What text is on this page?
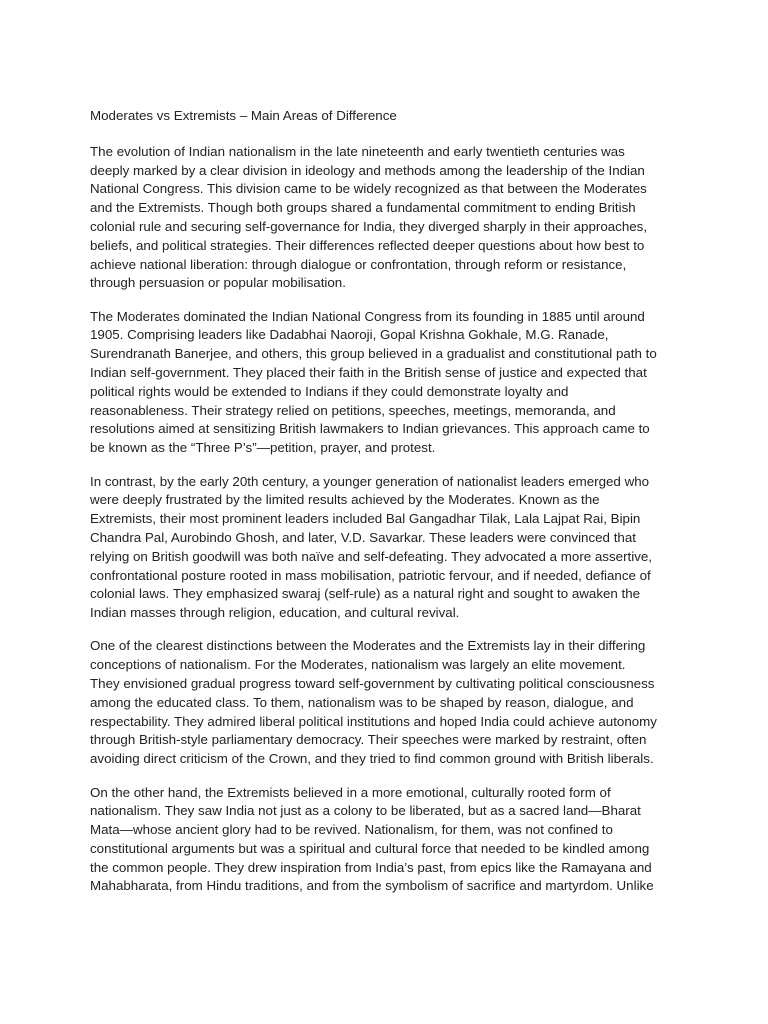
Moderates vs Extremists – Main Areas of Difference

The evolution of Indian nationalism in the late nineteenth and early twentieth centuries was
deeply marked by a clear division in ideology and methods among the leadership of the Indian
National Congress. This division came to be widely recognized as that between the Moderates
and the Extremists. Though both groups shared a fundamental commitment to ending British
colonial rule and securing self-governance for India, they diverged sharply in their approaches,
beliefs, and political strategies. Their differences reflected deeper questions about how best to
achieve national liberation: through dialogue or confrontation, through reform or resistance,
through persuasion or popular mobilisation.

The Moderates dominated the Indian National Congress from its founding in 1885 until around
1905. Comprising leaders like Dadabhai Naoroji, Gopal Krishna Gokhale, M.G. Ranade,
Surendranath Banerjee, and others, this group believed in a gradualist and constitutional path to
Indian self-government. They placed their faith in the British sense of justice and expected that
political rights would be extended to Indians if they could demonstrate loyalty and
reasonableness. Their strategy relied on petitions, speeches, meetings, memoranda, and
resolutions aimed at sensitizing British lawmakers to Indian grievances. This approach came to
be known as the “Three P’s”—petition, prayer, and protest.

In contrast, by the early 20th century, a younger generation of nationalist leaders emerged who
were deeply frustrated by the limited results achieved by the Moderates. Known as the
Extremists, their most prominent leaders included Bal Gangadhar Tilak, Lala Lajpat Rai, Bipin
Chandra Pal, Aurobindo Ghosh, and later, V.D. Savarkar. These leaders were convinced that
relying on British goodwill was both naïve and self-defeating. They advocated a more assertive,
confrontational posture rooted in mass mobilisation, patriotic fervour, and if needed, defiance of
colonial laws. They emphasized swaraj (self-rule) as a natural right and sought to awaken the
Indian masses through religion, education, and cultural revival.

One of the clearest distinctions between the Moderates and the Extremists lay in their differing
conceptions of nationalism. For the Moderates, nationalism was largely an elite movement.
They envisioned gradual progress toward self-government by cultivating political consciousness
among the educated class. To them, nationalism was to be shaped by reason, dialogue, and
respectability. They admired liberal political institutions and hoped India could achieve autonomy
through British-style parliamentary democracy. Their speeches were marked by restraint, often
avoiding direct criticism of the Crown, and they tried to find common ground with British liberals.

On the other hand, the Extremists believed in a more emotional, culturally rooted form of
nationalism. They saw India not just as a colony to be liberated, but as a sacred land—Bharat
Mata—whose ancient glory had to be revived. Nationalism, for them, was not confined to
constitutional arguments but was a spiritual and cultural force that needed to be kindled among
the common people. They drew inspiration from India’s past, from epics like the Ramayana and
Mahabharata, from Hindu traditions, and from the symbolism of sacrifice and martyrdom. Unlike
